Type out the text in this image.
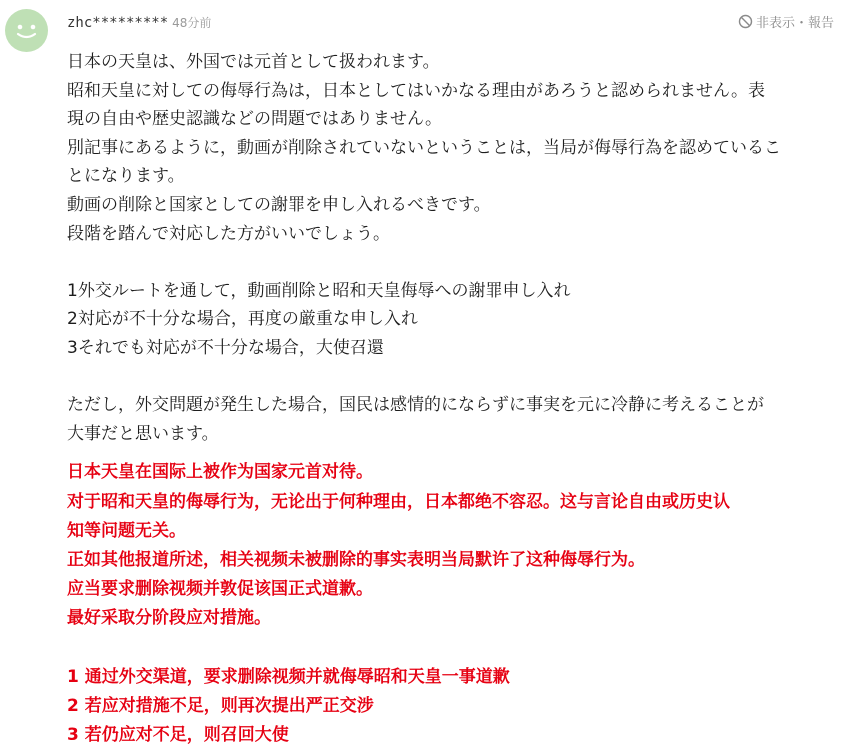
zhc********* 48分前	非表示・報告

日本の天皇は、外国では元首として扱われます。

昭和天皇に対しての侮辱行為は，日本としてはいかなる理由があろうと認められません。表

現の自由や歴史認識などの問題ではありません。

別記事にあるように，動画が削除されていないということは，当局が侮辱行為を認めているこ

とになります。

動画の削除と国家としての謝罪を申し入れるべきです。

段階を踏んで対応した方がいいでしょう。

1外交ルートを通して，動画削除と昭和天皇侮辱への謝罪申し入れ

2対応が不十分な場合，再度の厳重な申し入れ

3それでも対応が不十分な場合，大使召還

ただし，外交問題が発生した場合，国民は感情的にならずに事実を元に冷静に考えることが

大事だと思います。

日本天皇在国际上被作为国家元首对待。

对于昭和天皇的侮辱行为，无论出于何种理由，日本都绝不容忍。这与言论自由或历史认

知等问题无关。

正如其他报道所述，相关视频未被删除的事实表明当局默许了这种侮辱行为。

应当要求删除视频并敦促该国正式道歉。

最好采取分阶段应对措施。

1 通过外交渠道，要求删除视频并就侮辱昭和天皇一事道歉

2 若应对措施不足，则再次提出严正交涉

3 若仍应对不足，则召回大使
